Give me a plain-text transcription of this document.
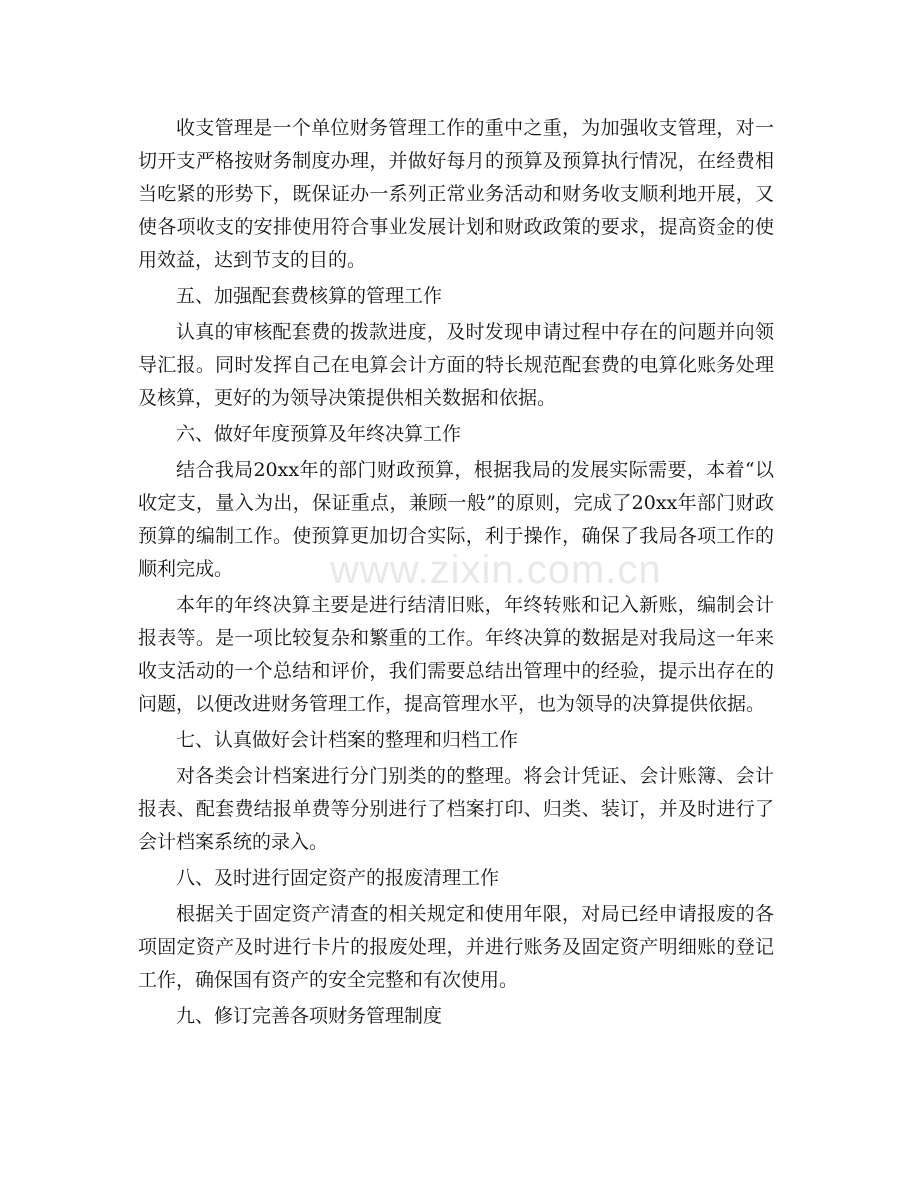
收支管理是一个单位财务管理工作的重中之重，为加强收支管理，对一切开支严格按财务制度办理，并做好每月的预算及预算执行情况，在经费相当吃紧的形势下，既保证办一系列正常业务活动和财务收支顺利地开展，又使各项收支的安排使用符合事业发展计划和财政政策的要求，提高资金的使用效益，达到节支的目的。

五、加强配套费核算的管理工作

认真的审核配套费的拨款进度，及时发现申请过程中存在的问题并向领导汇报。同时发挥自己在电算会计方面的特长规范配套费的电算化账务处理及核算，更好的为领导决策提供相关数据和依据。

六、做好年度预算及年终决算工作

结合我局20xx年的部门财政预算，根据我局的发展实际需要，本着“以收定支，量入为出，保证重点，兼顾一般”的原则，完成了20xx年部门财政预算的编制工作。使预算更加切合实际，利于操作，确保了我局各项工作的顺利完成。

本年的年终决算主要是进行结清旧账，年终转账和记入新账，编制会计报表等。是一项比较复杂和繁重的工作。年终决算的数据是对我局这一年来收支活动的一个总结和评价，我们需要总结出管理中的经验，提示出存在的问题，以便改进财务管理工作，提高管理水平，也为领导的决算提供依据。

七、认真做好会计档案的整理和归档工作

对各类会计档案进行分门别类的的整理。将会计凭证、会计账簿、会计报表、配套费结报单费等分别进行了档案打印、归类、装订，并及时进行了会计档案系统的录入。

八、及时进行固定资产的报废清理工作

根据关于固定资产清查的相关规定和使用年限，对局已经申请报废的各项固定资产及时进行卡片的报废处理，并进行账务及固定资产明细账的登记工作，确保国有资产的安全完整和有次使用。

九、修订完善各项财务管理制度

www.zixin.com.cn
